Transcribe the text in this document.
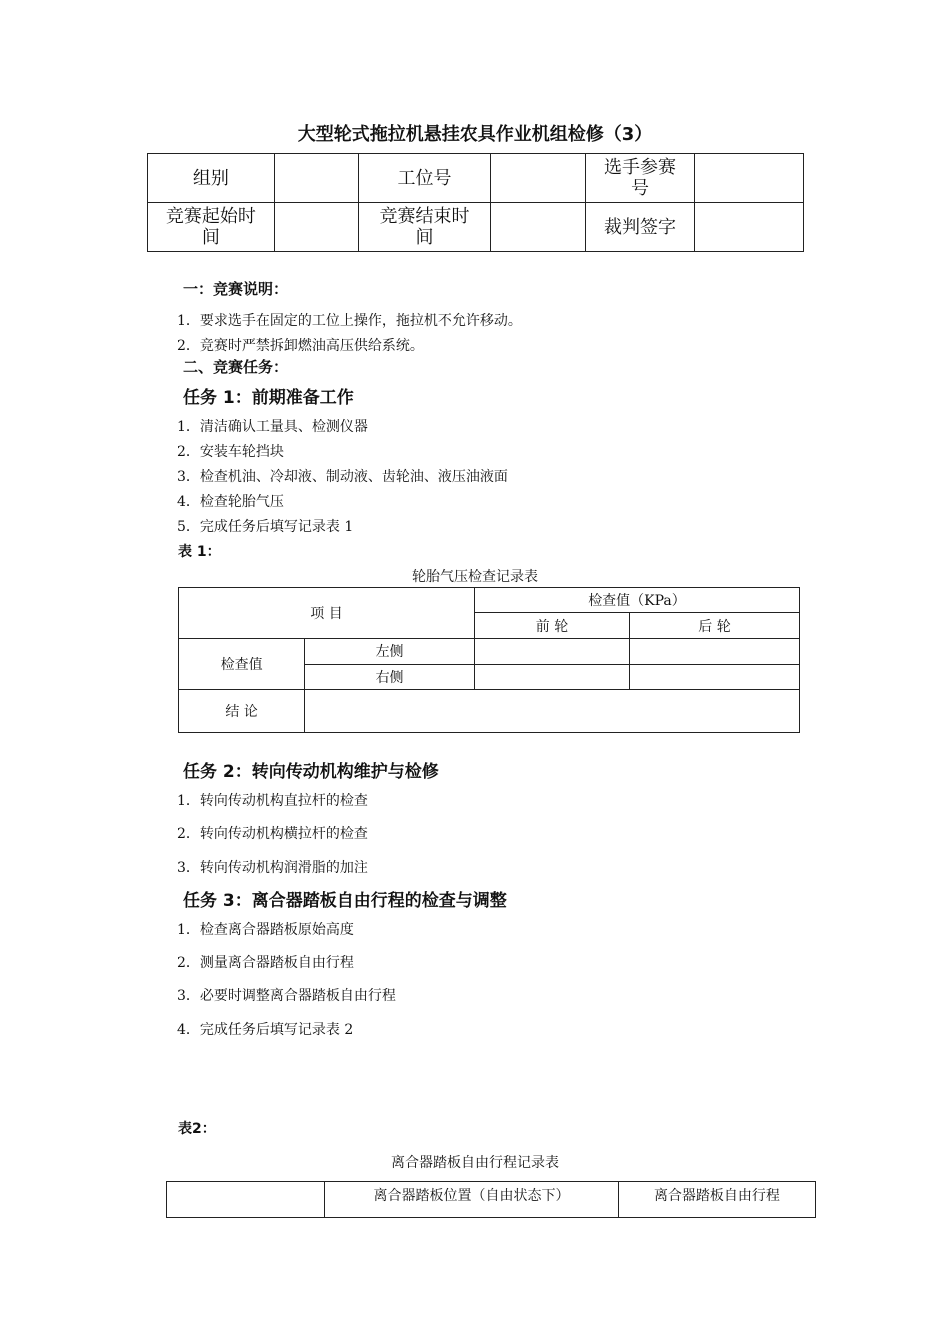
大型轮式拖拉机悬挂农具作业机组检修（3）
组别		工位号		选手参赛号	

竞赛起始时间		竞赛结束时间		裁判签字	
一：竞赛说明：
1．要求选手在固定的工位上操作，拖拉机不允许移动。
2．竞赛时严禁拆卸燃油高压供给系统。
二、竞赛任务：
任务 1：前期准备工作
1．清洁确认工量具、检测仪器
2．安装车轮挡块
3．检查机油、冷却液、制动液、齿轮油、液压油液面
4．检查轮胎气压
5．完成任务后填写记录表 1
表 1：
轮胎气压检查记录表
项 目		检查值（KPa）	
		前 轮	后 轮
检查值	左侧		
	右侧		
结 论			
任务 2：转向传动机构维护与检修
1．转向传动机构直拉杆的检查
2．转向传动机构横拉杆的检查
3．转向传动机构润滑脂的加注
任务 3：离合器踏板自由行程的检查与调整
1．检查离合器踏板原始高度
2．测量离合器踏板自由行程
3．必要时调整离合器踏板自由行程
4．完成任务后填写记录表 2
表2：
离合器踏板自由行程记录表
	离合器踏板位置（自由状态下）	离合器踏板自由行程
